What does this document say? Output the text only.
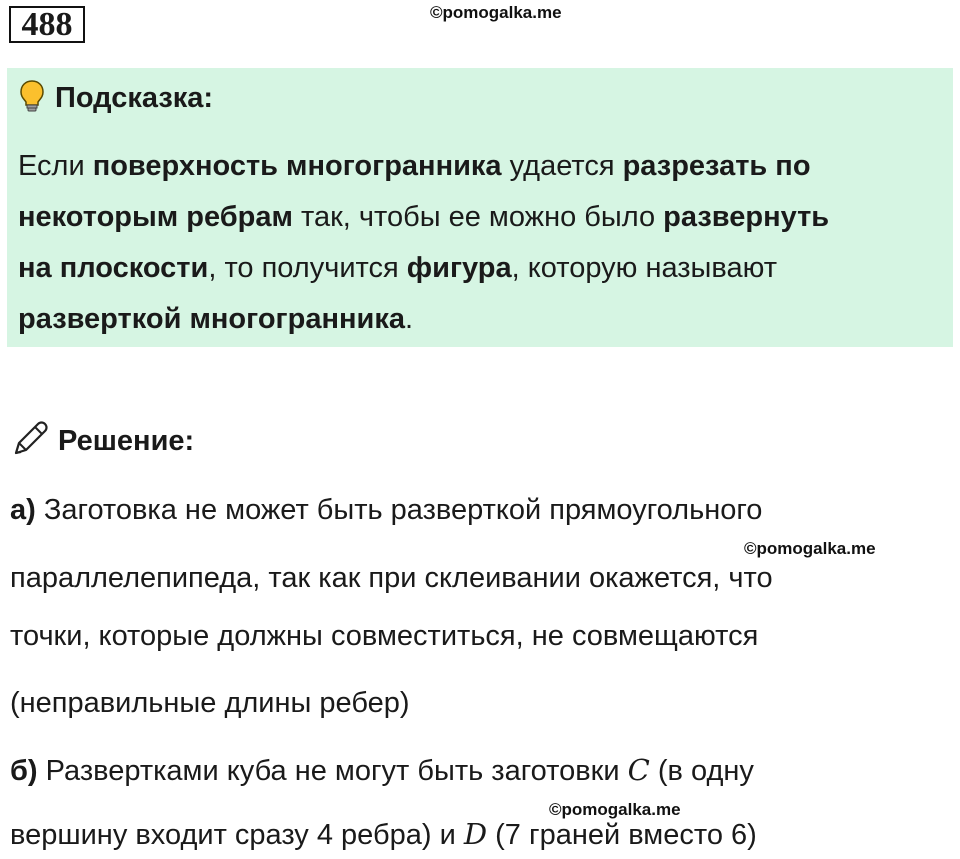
488	©pomogalka.me
Подсказка:
Если поверхность многогранника удается разрезать по
некоторым ребрам так, чтобы ее можно было развернуть
на плоскости, то получится фигура, которую называют
разверткой многогранника.
Решение:
а) Заготовка не может быть разверткой прямоугольного
©pomogalka.me
параллелепипеда, так как при склеивании окажется, что
точки, которые должны совместиться, не совмещаются
(неправильные длины ребер)
б) Развертками куба не могут быть заготовки C (в одну
вершину входит сразу 4 ребра) и D (7 граней вместо 6)
©pomogalka.me
